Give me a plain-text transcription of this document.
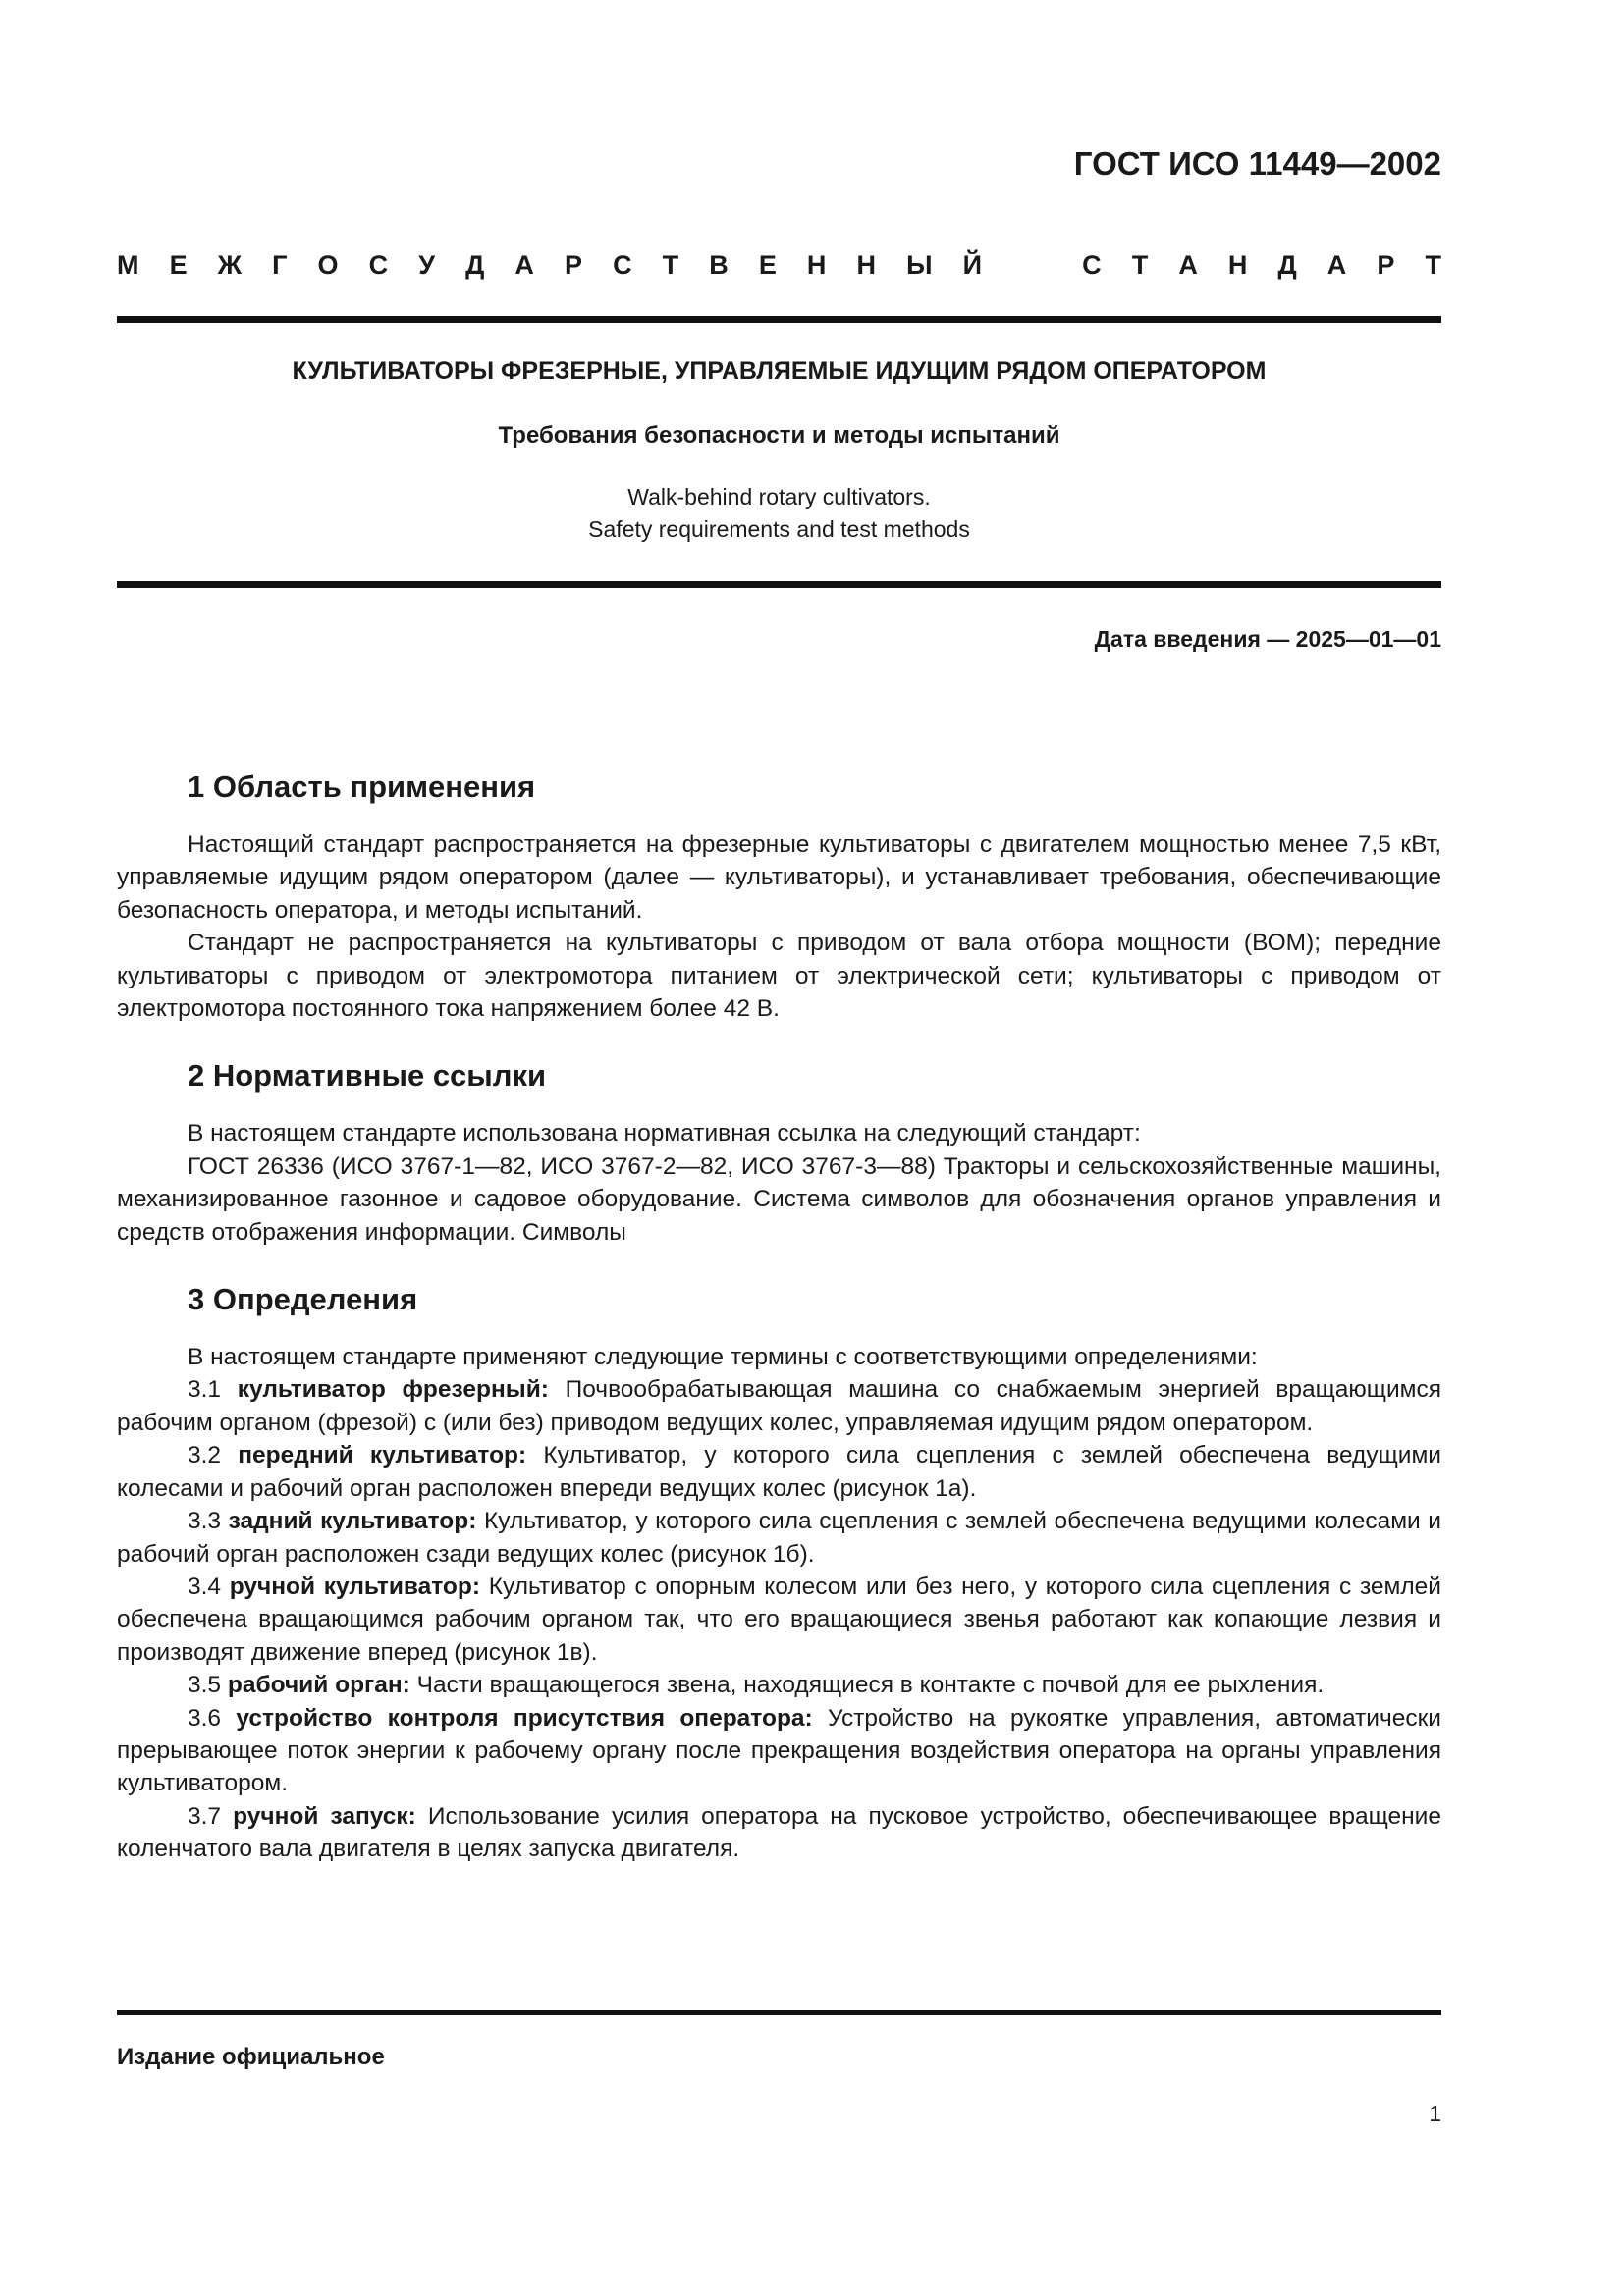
ГОСТ ИСО 11449—2002
М Е Ж Г О С У Д А Р С Т В Е Н Н Ы Й	С Т А Н Д А Р Т
КУЛЬТИВАТОРЫ ФРЕЗЕРНЫЕ, УПРАВЛЯЕМЫЕ ИДУЩИМ РЯДОМ ОПЕРАТОРОМ
Требования безопасности и методы испытаний
Walk-behind rotary cultivators.
Safety requirements and test methods
Дата введения — 2025—01—01
1 Область применения

Настоящий стандарт распространяется на фрезерные культиваторы с двигателем мощностью менее 7,5 кВт, управляемые идущим рядом оператором (далее — культиваторы), и устанавливает требования, обеспечивающие безопасность оператора, и методы испытаний.

Стандарт не распространяется на культиваторы с приводом от вала отбора мощности (ВОМ); передние культиваторы с приводом от электромотора питанием от электрической сети; культиваторы с приводом от электромотора постоянного тока напряжением более 42 В.

2 Нормативные ссылки

В настоящем стандарте использована нормативная ссылка на следующий стандарт:

ГОСТ 26336 (ИСО 3767-1—82, ИСО 3767-2—82, ИСО 3767-3—88) Тракторы и сельскохозяйственные машины, механизированное газонное и садовое оборудование. Система символов для обозначения органов управления и средств отображения информации. Символы

3 Определения

В настоящем стандарте применяют следующие термины с соответствующими определениями:

3.1 культиватор фрезерный: Почвообрабатывающая машина со снабжаемым энергией вращающимся рабочим органом (фрезой) с (или без) приводом ведущих колес, управляемая идущим рядом оператором.

3.2 передний культиватор: Культиватор, у которого сила сцепления с землей обеспечена ведущими колесами и рабочий орган расположен впереди ведущих колес (рисунок 1а).

3.3 задний культиватор: Культиватор, у которого сила сцепления с землей обеспечена ведущими колесами и рабочий орган расположен сзади ведущих колес (рисунок 1б).

3.4 ручной культиватор: Культиватор с опорным колесом или без него, у которого сила сцепления с землей обеспечена вращающимся рабочим органом так, что его вращающиеся звенья работают как копающие лезвия и производят движение вперед (рисунок 1в).

3.5 рабочий орган: Части вращающегося звена, находящиеся в контакте с почвой для ее рыхления.

3.6 устройство контроля присутствия оператора: Устройство на рукоятке управления, автоматически прерывающее поток энергии к рабочему органу после прекращения воздействия оператора на органы управления культиватором.

3.7 ручной запуск: Использование усилия оператора на пусковое устройство, обеспечивающее вращение коленчатого вала двигателя в целях запуска двигателя.

Издание официальное
1
